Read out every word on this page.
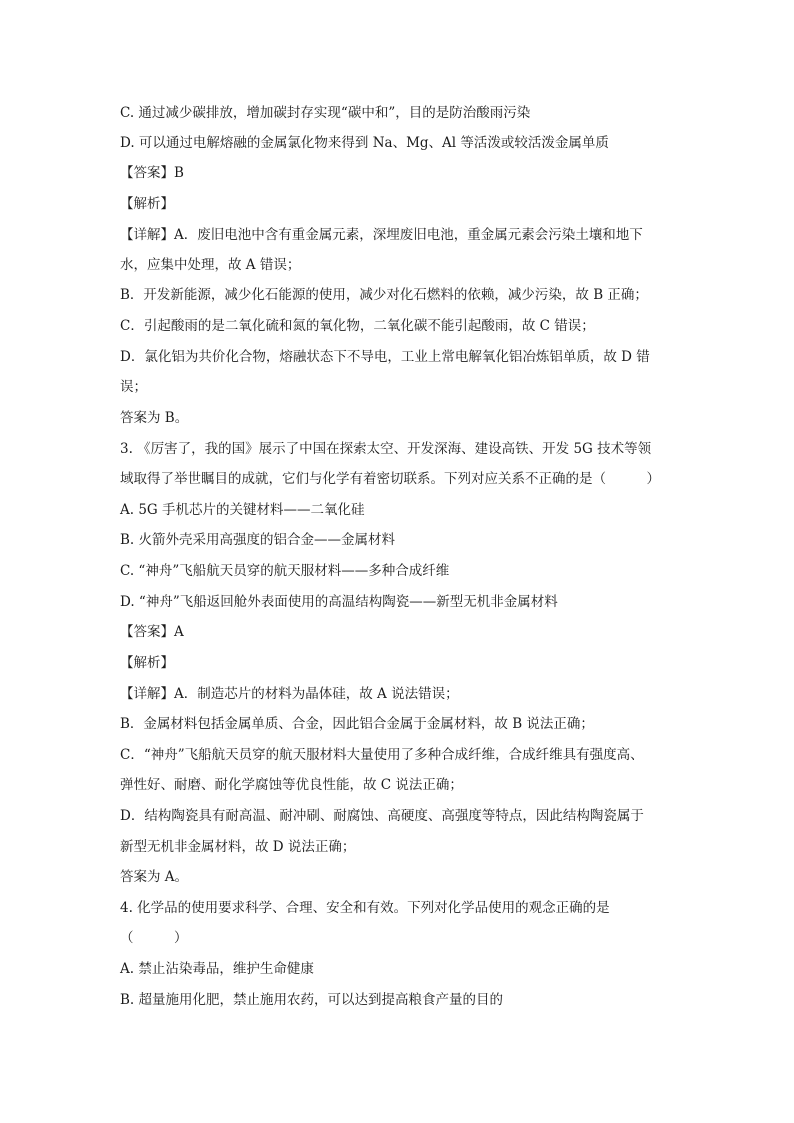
C. 通过减少碳排放，增加碳封存实现“碳中和”，目的是防治酸雨污染
D. 可以通过电解熔融的金属氯化物来得到 Na、Mg、Al 等活泼或较活泼金属单质
【答案】B
【解析】
【详解】A．废旧电池中含有重金属元素，深埋废旧电池，重金属元素会污染土壤和地下
水，应集中处理，故 A 错误；
B．开发新能源，减少化石能源的使用，减少对化石燃料的依赖，减少污染，故 B 正确；
C．引起酸雨的是二氧化硫和氮的氧化物，二氧化碳不能引起酸雨，故 C 错误；
D．氯化铝为共价化合物，熔融状态下不导电，工业上常电解氧化铝冶炼铝单质，故 D 错
误；
答案为 B。
3. 《厉害了，我的国》展示了中国在探索太空、开发深海、建设高铁、开发 5G 技术等领
域取得了举世瞩目的成就，它们与化学有着密切联系。下列对应关系不正确的是（　　　）
A. 5G 手机芯片的关键材料——二氧化硅
B. 火箭外壳采用高强度的铝合金——金属材料
C. “神舟”飞船航天员穿的航天服材料——多种合成纤维
D. “神舟”飞船返回舱外表面使用的高温结构陶瓷——新型无机非金属材料
【答案】A
【解析】
【详解】A．制造芯片的材料为晶体硅，故 A 说法错误；
B．金属材料包括金属单质、合金，因此铝合金属于金属材料，故 B 说法正确；
C．“神舟”飞船航天员穿的航天服材料大量使用了多种合成纤维，合成纤维具有强度高、
弹性好、耐磨、耐化学腐蚀等优良性能，故 C 说法正确；
D．结构陶瓷具有耐高温、耐冲刷、耐腐蚀、高硬度、高强度等特点，因此结构陶瓷属于
新型无机非金属材料，故 D 说法正确；
答案为 A。
4. 化学品的使用要求科学、合理、安全和有效。下列对化学品使用的观念正确的是
（　　　）
A. 禁止沾染毒品，维护生命健康
B. 超量施用化肥，禁止施用农药，可以达到提高粮食产量的目的
